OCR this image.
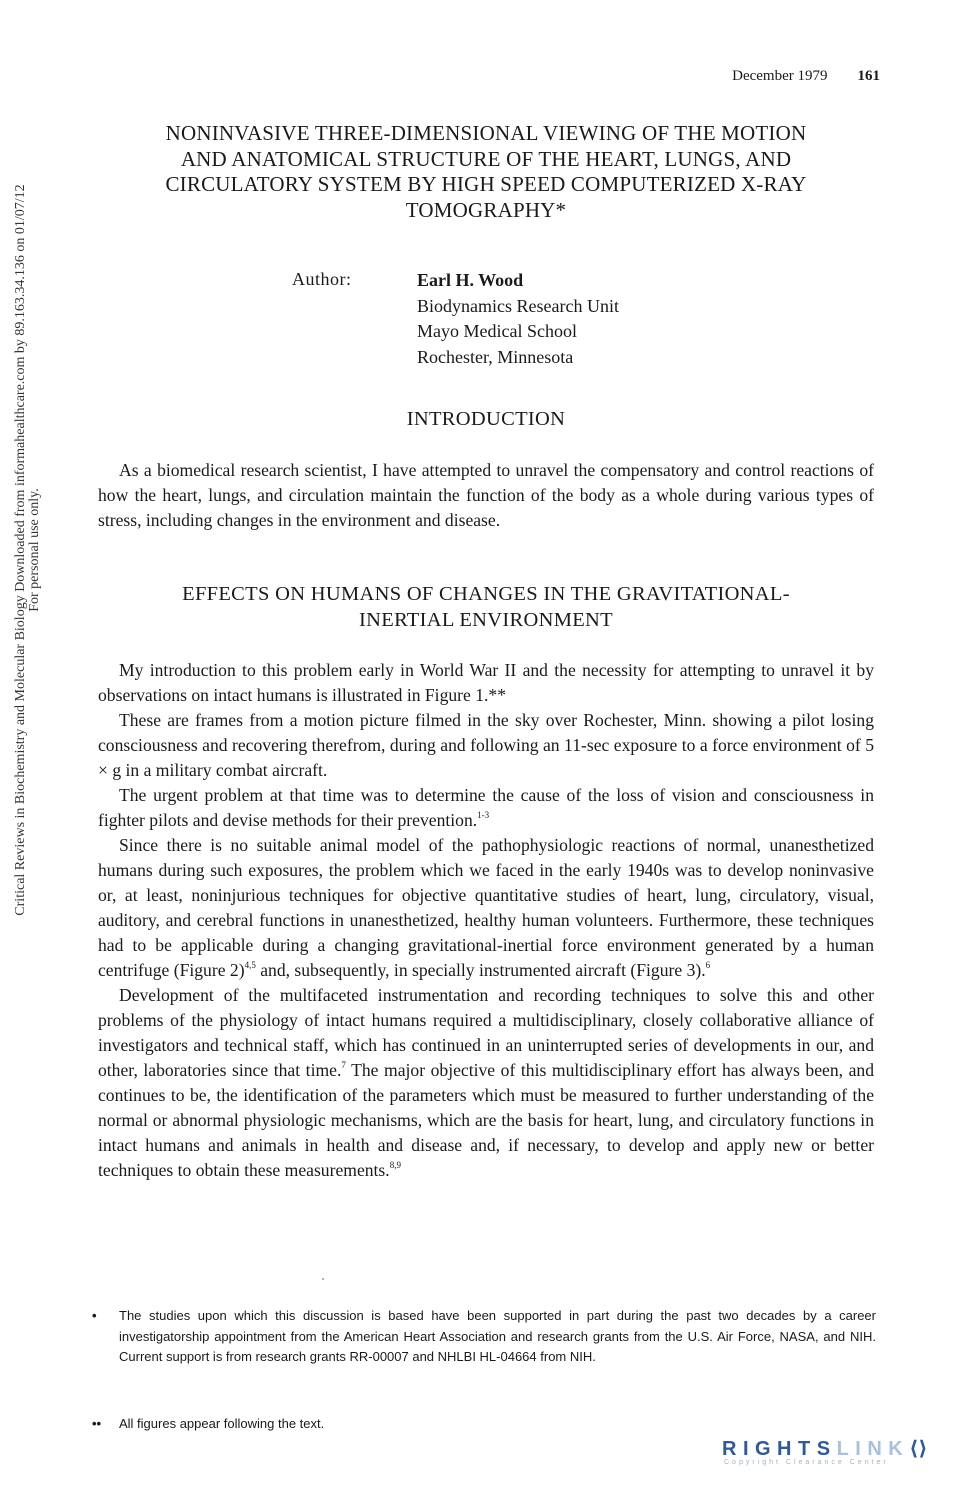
December 1979 161
NONINVASIVE THREE-DIMENSIONAL VIEWING OF THE MOTION
AND ANATOMICAL STRUCTURE OF THE HEART, LUNGS, AND
CIRCULATORY SYSTEM BY HIGH SPEED COMPUTERIZED X-RAY
TOMOGRAPHY*
Author:	Earl H. Wood
Biodynamics Research Unit
Mayo Medical School
Rochester, Minnesota
INTRODUCTION

As a biomedical research scientist, I have attempted to unravel the compensatory and control reactions of how the heart, lungs, and circulation maintain the function of the body as a whole during various types of stress, including changes in the environment and disease.

EFFECTS ON HUMANS OF CHANGES IN THE GRAVITATIONAL-
INERTIAL ENVIRONMENT

My introduction to this problem early in World War II and the necessity for attempting to unravel it by observations on intact humans is illustrated in Figure 1.**

These are frames from a motion picture filmed in the sky over Rochester, Minn. showing a pilot losing consciousness and recovering therefrom, during and following an 11-sec exposure to a force environment of 5 × g in a military combat aircraft.

The urgent problem at that time was to determine the cause of the loss of vision and consciousness in fighter pilots and devise methods for their prevention.$^{1-3}$

Since there is no suitable animal model of the pathophysiologic reactions of normal, unanesthetized humans during such exposures, the problem which we faced in the early 1940s was to develop noninvasive or, at least, noninjurious techniques for objective quantitative studies of heart, lung, circulatory, visual, auditory, and cerebral functions in unanesthetized, healthy human volunteers. Furthermore, these techniques had to be applicable during a changing gravitational-inertial force environment generated by a human centrifuge (Figure 2)$^{4,5}$ and, subsequently, in specially instrumented aircraft (Figure 3).$^6$

Development of the multifaceted instrumentation and recording techniques to solve this and other problems of the physiology of intact humans required a multidisciplinary, closely collaborative alliance of investigators and technical staff, which has continued in an uninterrupted series of developments in our, and other, laboratories since that time.$^7$ The major objective of this multidisciplinary effort has always been, and continues to be, the identification of the parameters which must be measured to further understanding of the normal or abnormal physiologic mechanisms, which are the basis for heart, lung, and circulatory functions in intact humans and animals in health and disease and, if necessary, to develop and apply new or better techniques to obtain these measurements.$^{8,9}$

•	The studies upon which this discussion is based have been supported in part during the past two decades by a career investigatorship appointment from the American Heart Association and research grants from the U.S. Air Force, NASA, and NIH. Current support is from research grants RR-00007 and NHLBI HL-04664 from NIH.
••	All figures appear following the text.
Critical Reviews in Biochemistry and Molecular Biology Downloaded from informahealthcare.com by 89.163.34.136 on 01/07/12 For personal use only.
RIGHTSLINK⟨⟩
Copyright Clearance Center
